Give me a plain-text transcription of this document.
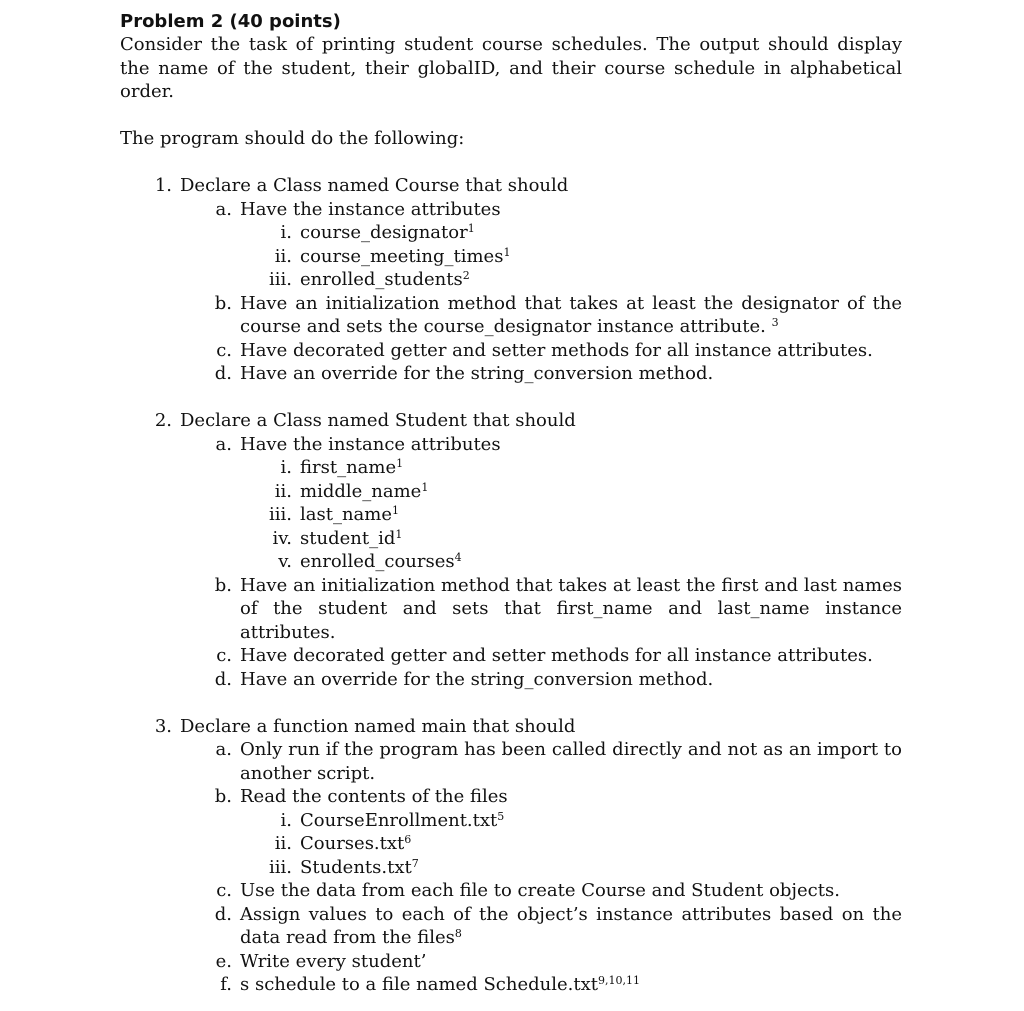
Problem 2 (40 points)

Consider the task of printing student course schedules. The output should display the name of the student, their globalID, and their course schedule in alphabetical order.

The program should do the following:

1. Declare a Class named Course that should
a. Have the instance attributes
i. course_designator$^1$
ii. course_meeting_times$^1$
iii. enrolled_students$^2$
b. Have an initialization method that takes at least the designator of the course and sets the course_designator instance attribute. $^3$
c. Have decorated getter and setter methods for all instance attributes.
d. Have an override for the string_conversion method.
2. Declare a Class named Student that should
a. Have the instance attributes
i. first_name$^1$
ii. middle_name$^1$
iii. last_name$^1$
iv. $student\_id^1$
v. enrolled_courses$^4$
b. Have an initialization method that takes at least the first and last names of the student and sets that first_name and last_name instance attributes.
c. Have decorated getter and setter methods for all instance attributes.
d. Have an override for the string_conversion method.
3. Declare a function named main that should
a. Only run if the program has been called directly and not as an import to another script.
b. Read the contents of the files
i. CourseEnrollment.txt$^5$
ii. Courses.txt$^6$
iii. Students.txt$^7$
c. Use the data from each file to create Course and Student objects.
d. Assign values to each of the object’s instance attributes based on the data read from the files$^8$
e. Write every student’
f. s schedule to a file named Schedule.txt$^{9,10,11}$
